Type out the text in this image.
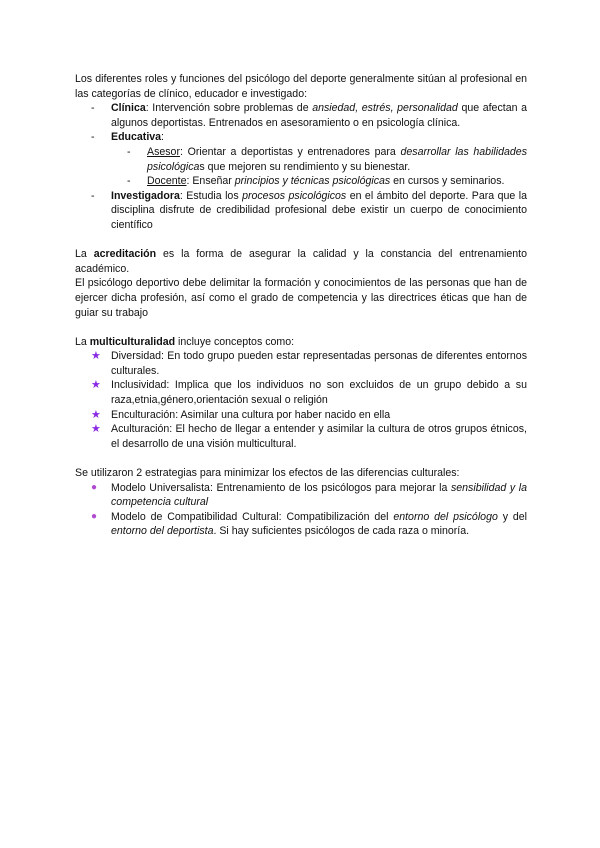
Los diferentes roles y funciones del psicólogo del deporte generalmente sitúan al profesional en las categorías de clínico, educador e investigado:

-	Clínica: Intervención sobre problemas de ansiedad, estrés, personalidad que afectan a algunos deportistas. Entrenados en asesoramiento o en psicología clínica.
-	Educativa:
-	Asesor: Orientar a deportistas y entrenadores para desarrollar las habilidades psicológicas que mejoren su rendimiento y su bienestar.
-	Docente: Enseñar principios y técnicas psicológicas en cursos y seminarios.
-	Investigadora: Estudia los procesos psicológicos en el ámbito del deporte. Para que la disciplina disfrute de credibilidad profesional debe existir un cuerpo de conocimiento científico

La acreditación es la forma de asegurar la calidad y la constancia del entrenamiento académico.

El psicólogo deportivo debe delimitar la formación y conocimientos de las personas que han de ejercer dicha profesión, así como el grado de competencia y las directrices éticas que han de guiar su trabajo

La multiculturalidad incluye conceptos como:

★ Diversidad: En todo grupo pueden estar representadas personas de diferentes entornos culturales.
★ Inclusividad: Implica que los individuos no son excluidos de un grupo debido a su raza,etnia,género,orientación sexual o religión
★ Enculturación: Asimilar una cultura por haber nacido en ella
★ Aculturación: El hecho de llegar a entender y asimilar la cultura de otros grupos étnicos, el desarrollo de una visión multicultural.

Se utilizaron 2 estrategias para minimizar los efectos de las diferencias culturales:

●	Modelo Universalista: Entrenamiento de los psicólogos para mejorar la sensibilidad y la competencia cultural
●	Modelo de Compatibilidad Cultural: Compatibilización del entorno del psicólogo y del entorno del deportista. Si hay suficientes psicólogos de cada raza o minoría.
